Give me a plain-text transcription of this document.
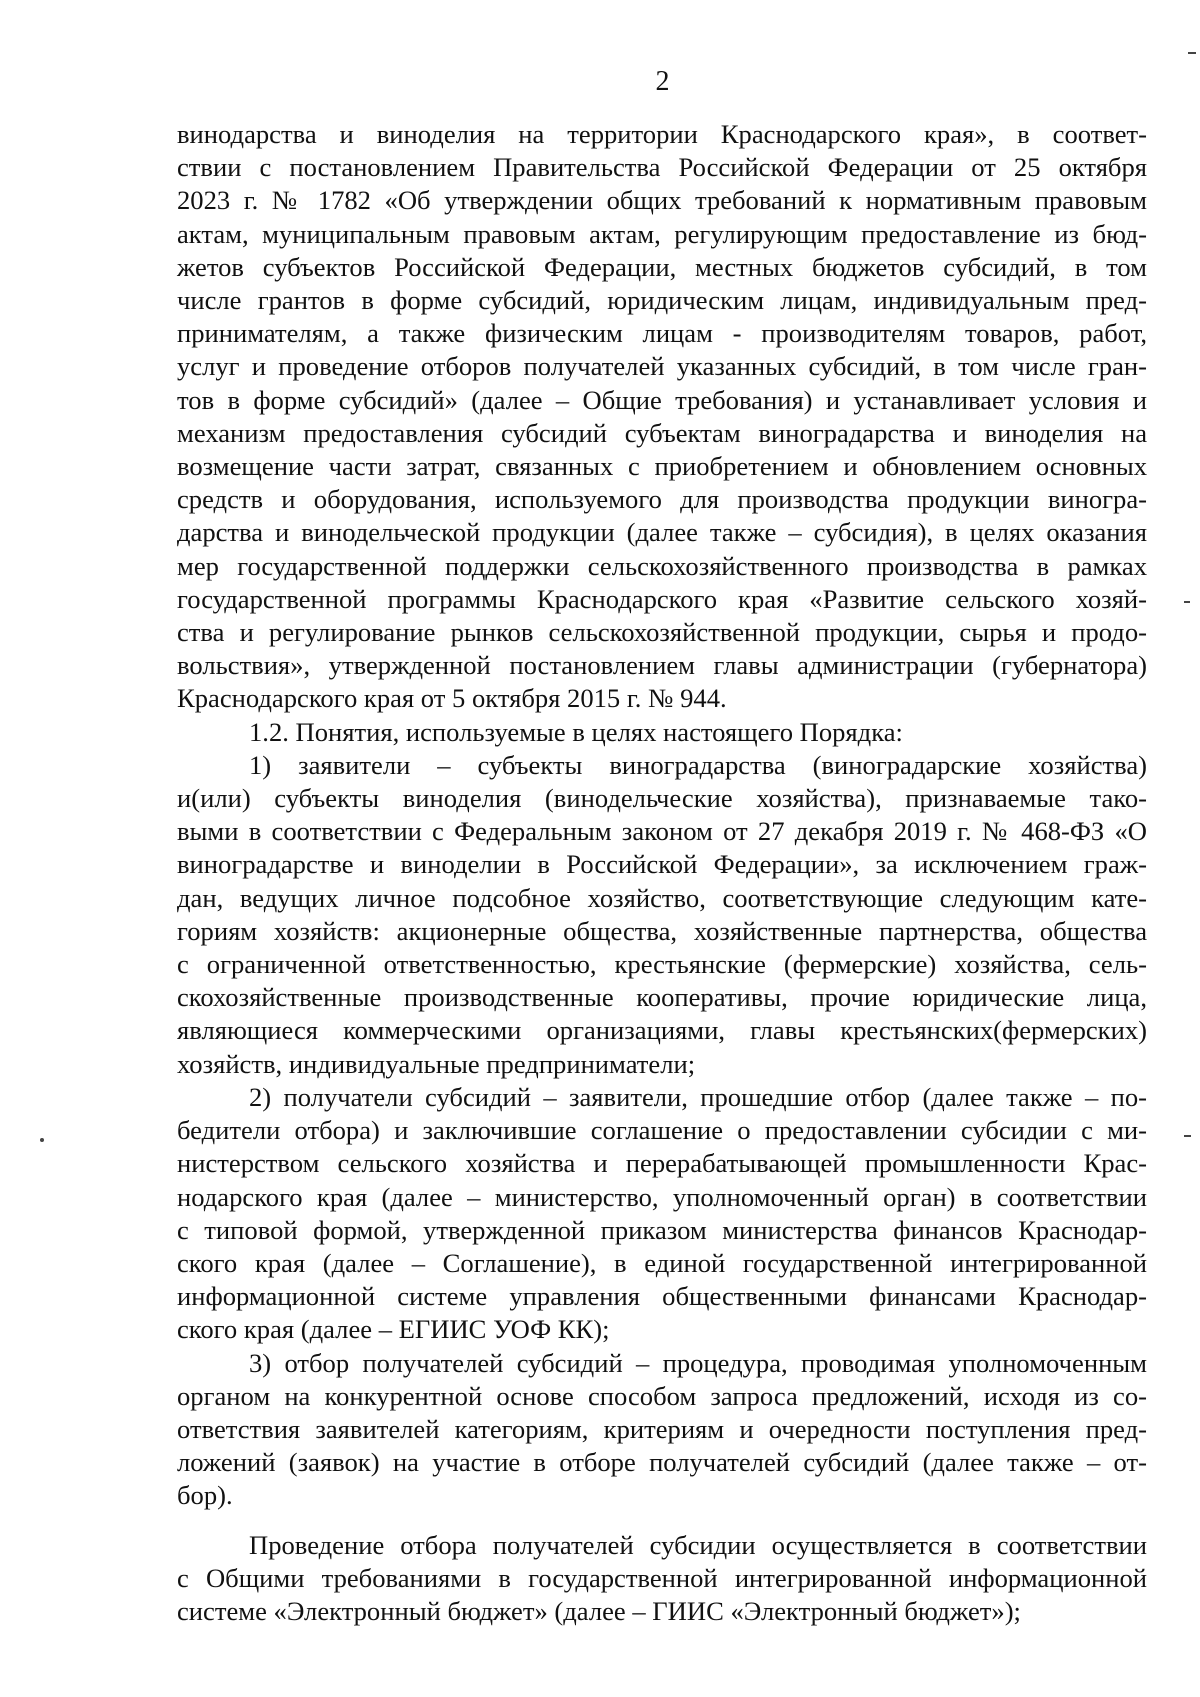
2

винодарства и виноделия на территории Краснодарского края», в соответ-
ствии с постановлением Правительства Российской Федерации от 25 октября
2023 г. № 1782 «Об утверждении общих требований к нормативным правовым
актам, муниципальным правовым актам, регулирующим предоставление из бюд-
жетов субъектов Российской Федерации, местных бюджетов субсидий, в том
числе грантов в форме субсидий, юридическим лицам, индивидуальным пред-
принимателям, а также физическим лицам - производителям товаров, работ,
услуг и проведение отборов получателей указанных субсидий, в том числе гран-
тов в форме субсидий» (далее – Общие требования) и устанавливает условия и
механизм предоставления субсидий субъектам виноградарства и виноделия на
возмещение части затрат, связанных с приобретением и обновлением основных
средств и оборудования, используемого для производства продукции виногра-
дарства и винодельческой продукции (далее также – субсидия), в целях оказания
мер государственной поддержки сельскохозяйственного производства в рамках
государственной программы Краснодарского края «Развитие сельского хозяй-
ства и регулирование рынков сельскохозяйственной продукции, сырья и продо-
вольствия», утвержденной постановлением главы администрации (губернатора)
Краснодарского края от 5 октября 2015 г. № 944.

1.2. Понятия, используемые в целях настоящего Порядка:

1) заявители – субъекты виноградарства (виноградарские хозяйства)
и(или) субъекты виноделия (винодельческие хозяйства), признаваемые тако-
выми в соответствии с Федеральным законом от 27 декабря 2019 г. № 468-ФЗ «О
виноградарстве и виноделии в Российской Федерации», за исключением граж-
дан, ведущих личное подсобное хозяйство, соответствующие следующим кате-
гориям хозяйств: акционерные общества, хозяйственные партнерства, общества
с ограниченной ответственностью, крестьянские (фермерские) хозяйства, сель-
скохозяйственные производственные кооперативы, прочие юридические лица,
являющиеся коммерческими организациями, главы крестьянских(фермерских)
хозяйств, индивидуальные предприниматели;

2) получатели субсидий – заявители, прошедшие отбор (далее также – по-
бедители отбора) и заключившие соглашение о предоставлении субсидии с ми-
нистерством сельского хозяйства и перерабатывающей промышленности Крас-
нодарского края (далее – министерство, уполномоченный орган) в соответствии
с типовой формой, утвержденной приказом министерства финансов Краснодар-
ского края (далее – Соглашение), в единой государственной интегрированной
информационной системе управления общественными финансами Краснодар-
ского края (далее – ЕГИИС УОФ КК);

3) отбор получателей субсидий – процедура, проводимая уполномоченным
органом на конкурентной основе способом запроса предложений, исходя из со-
ответствия заявителей категориям, критериям и очередности поступления пред-
ложений (заявок) на участие в отборе получателей субсидий (далее также – от-
бор).

Проведение отбора получателей субсидии осуществляется в соответствии
с Общими требованиями в государственной интегрированной информационной
системе «Электронный бюджет» (далее – ГИИС «Электронный бюджет»);
